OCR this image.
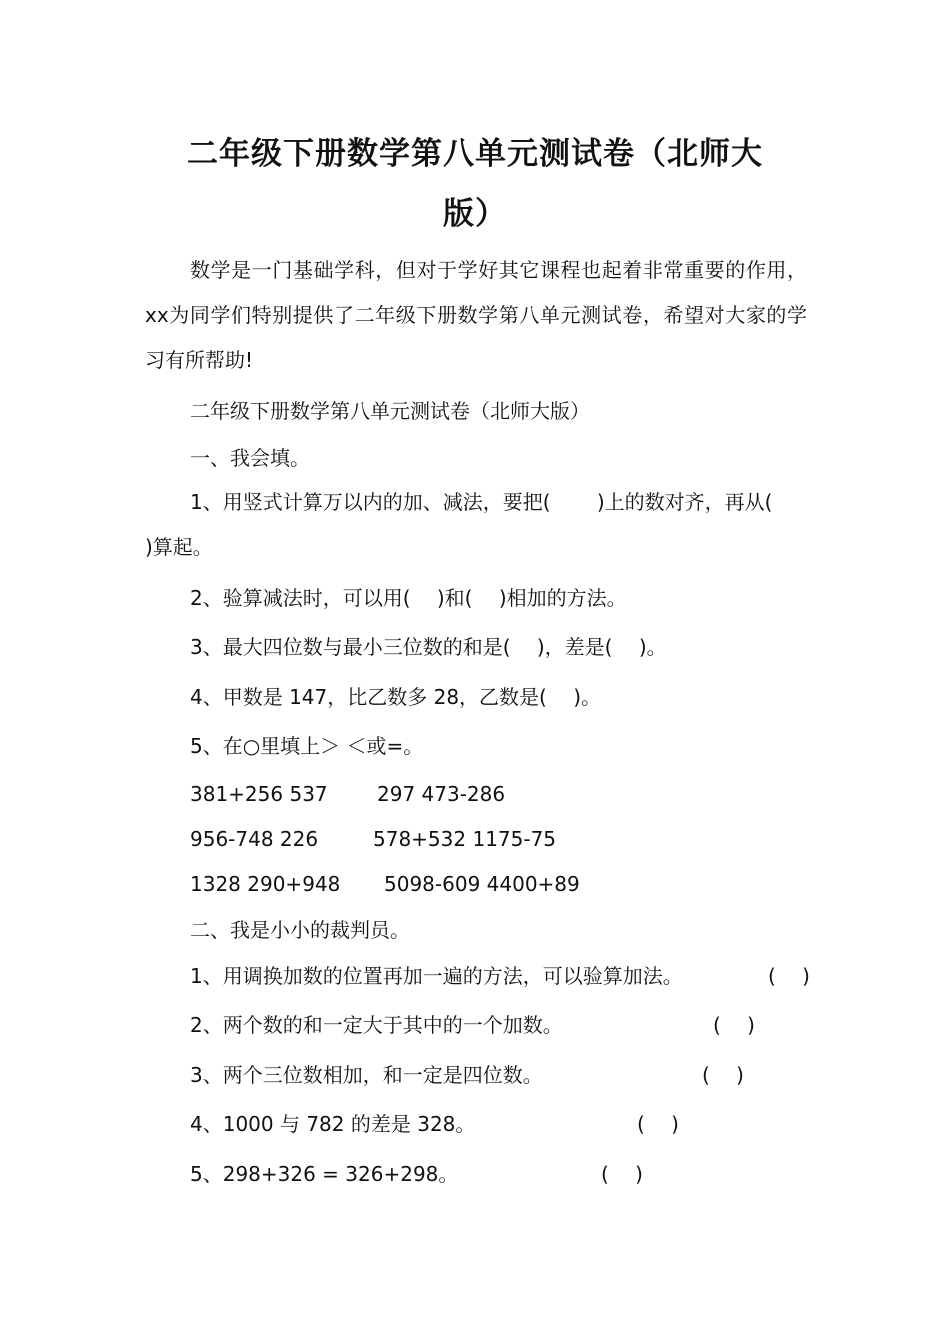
二年级下册数学第八单元测试卷（北师大
版）
数学是一门基础学科，但对于学好其它课程也起着非常重要的作用，xx为同学们特别提供了二年级下册数学第八单元测试卷，希望对大家的学习有所帮助!
二年级下册数学第八单元测试卷（北师大版）
一、我会填。
1、用竖式计算万以内的加、减法，要把(　　 )上的数对齐，再从(
)算起。
2、验算减法时，可以用(　 )和(　 )相加的方法。
3、最大四位数与最小三位数的和是(　 )，差是(　 )。
4、甲数是 147，比乙数多 28，乙数是(　 )。
5、在○里填上＞ ＜或=。
381+256 537 297 473-286
956-748 226	578+532 1175-75
1328 290+948 5098-609 4400+89
二、我是小小的裁判员。
1、用调换加数的位置再加一遍的方法，可以验算加法。	(　 )
2、两个数的和一定大于其中的一个加数。	(　 )
3、两个三位数相加，和一定是四位数。	(　 )
4、1000 与 782 的差是 328。	(　 )
5、298+326 = 326+298。	(　 )
